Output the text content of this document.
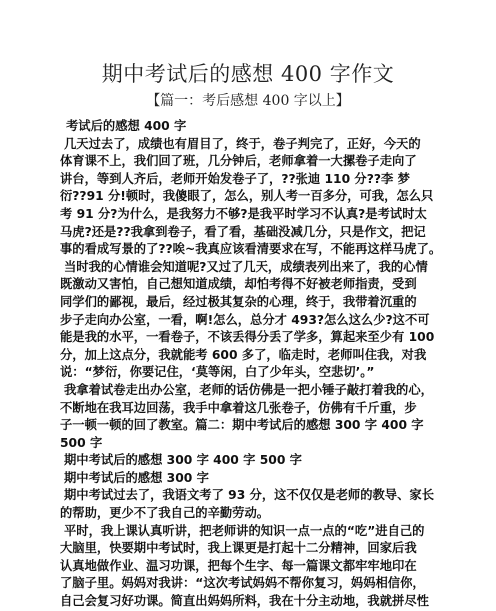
期中考试后的感想 400 字作文
【篇一：考后感想 400 字以上】
考试后的感想 400 字
几天过去了，成绩也有眉目了，终于，卷子判完了，正好，今天的
体育课不上，我们回了班，几分钟后，老师拿着一大摞卷子走向了
讲台，等到人齐后，老师开始发卷子了，??张迪 110 分??李 梦
衍??91 分!顿时，我傻眼了，怎么，别人考一百多分，可我，怎么只
考 91 分?为什么，是我努力不够?是我平时学习不认真?是考试时太
马虎?还是??我拿到卷子，看了看，基础没减几分，只是作文，把记
事的看成写景的了??唉~我真应该看清要求在写，不能再这样马虎了。
当时我的心情谁会知道呢?又过了几天，成绩表列出来了，我的心情
既激动又害怕，自己想知道成绩，却怕考得不好被老师指责，受到
同学们的鄙视，最后，经过极其复杂的心理，终于，我带着沉重的
步子走向办公室，一看，啊!怎么，总分才 493?怎么这么少?这不可
能是我的水平，一看卷子，不该丢得分丢了学多，算起来至少有 100
分，加上这点分，我就能考 600 多了，临走时，老师叫住我，对我
说：“梦衍，你要记住，‘莫等闲，白了少年头，空悲切’。”
我拿着试卷走出办公室，老师的话仿佛是一把小锤子敲打着我的心，
不断地在我耳边回荡，我手中拿着这几张卷子，仿佛有千斤重，步
子一顿一顿的回了教室。篇二：期中考试后的感想 300 字 400 字
500 字
期中考试后的感想 300 字 400 字 500 字
期中考试后的感想 300 字
期中考试过去了，我语文考了 93 分，这不仅仅是老师的教导、家长
的帮助，更少不了我自己的辛勤劳动。
平时，我上课认真听讲，把老师讲的知识一点一点的“吃”进自己的
大脑里，快要期中考试时，我上课更是打起十二分精神，回家后我
认真地做作业、温习功课，把每个生字、每一篇课文都牢牢地印在
了脑子里。妈妈对我讲：“这次考试妈妈不帮你复习，妈妈相信你，
自己会复习好功课。简直出妈妈所料，我在十分主动地，我就拼尽性
